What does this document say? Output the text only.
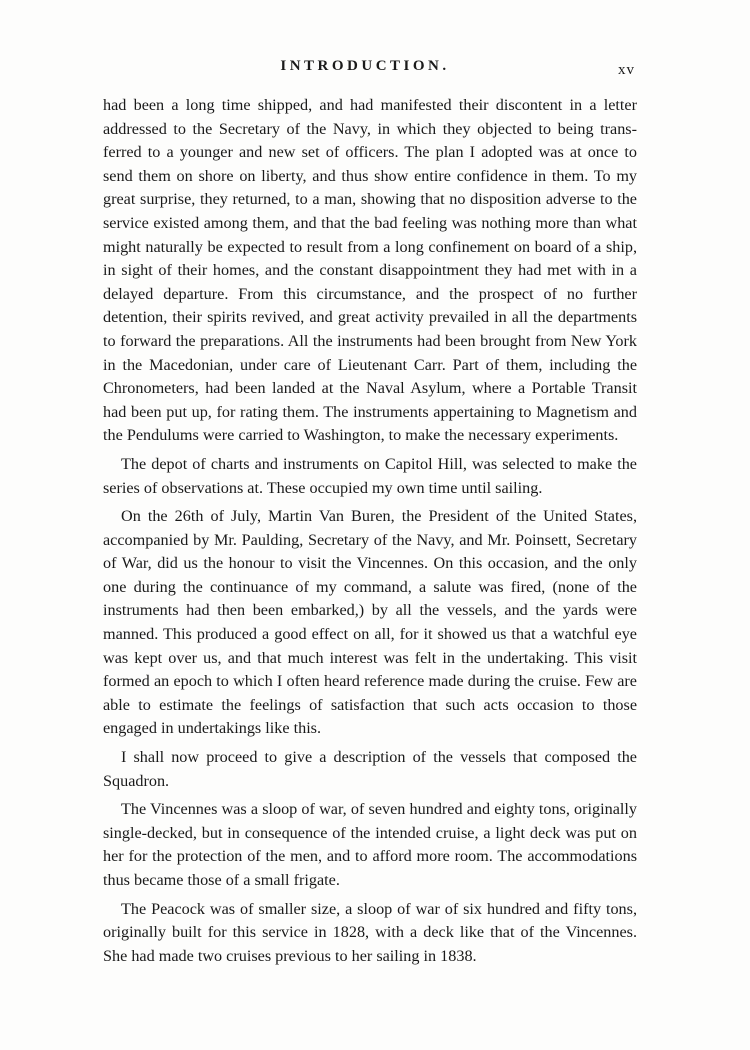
INTRODUCTION.	xv

had been a long time shipped, and had manifested their discontent in a letter addressed to the Secretary of the Navy, in which they objected to being transferred to a younger and new set of officers. The plan I adopted was at once to send them on shore on liberty, and thus show entire confidence in them. To my great surprise, they returned, to a man, showing that no disposition adverse to the service existed among them, and that the bad feeling was nothing more than what might naturally be expected to result from a long confinement on board of a ship, in sight of their homes, and the constant disappointment they had met with in a delayed departure. From this circumstance, and the prospect of no further detention, their spirits revived, and great activity prevailed in all the departments to forward the preparations. All the instruments had been brought from New York in the Macedonian, under care of Lieutenant Carr. Part of them, including the Chronometers, had been landed at the Naval Asylum, where a Portable Transit had been put up, for rating them. The instruments appertaining to Magnetism and the Pendulums were carried to Washington, to make the necessary experiments.

The depot of charts and instruments on Capitol Hill, was selected to make the series of observations at. These occupied my own time until sailing.

On the 26th of July, Martin Van Buren, the President of the United States, accompanied by Mr. Paulding, Secretary of the Navy, and Mr. Poinsett, Secretary of War, did us the honour to visit the Vincennes. On this occasion, and the only one during the continuance of my command, a salute was fired, (none of the instruments had then been embarked,) by all the vessels, and the yards were manned. This produced a good effect on all, for it showed us that a watchful eye was kept over us, and that much interest was felt in the undertaking. This visit formed an epoch to which I often heard reference made during the cruise. Few are able to estimate the feelings of satisfaction that such acts occasion to those engaged in undertakings like this.

I shall now proceed to give a description of the vessels that composed the Squadron.

The Vincennes was a sloop of war, of seven hundred and eighty tons, originally single-decked, but in consequence of the intended cruise, a light deck was put on her for the protection of the men, and to afford more room. The accommodations thus became those of a small frigate.

The Peacock was of smaller size, a sloop of war of six hundred and fifty tons, originally built for this service in 1828, with a deck like that of the Vincennes. She had made two cruises previous to her sailing in 1838.
